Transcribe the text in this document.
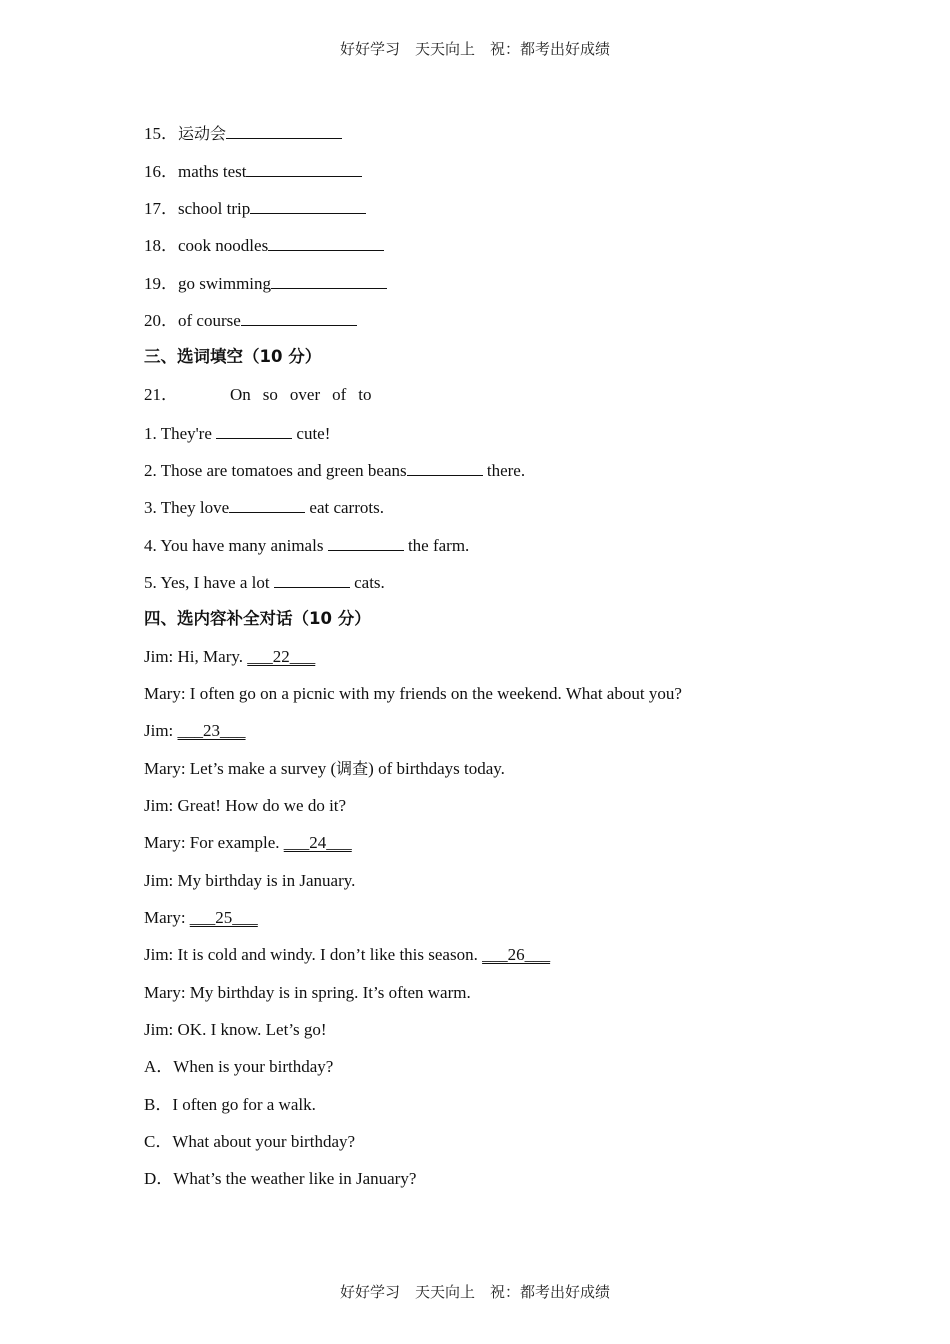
好好学习　天天向上　祝：都考出好成绩
15．运动会
16．maths test
17．school trip
18．cook noodles
19．go swimming
20．of course
三、选词填空（10 分）
21．	On so over of to
1. They're	cute!
2. Those are tomatoes and green beans	there.
3. They love	eat carrots.
4. You have many animals	the farm.
5. Yes, I have a lot	cats.
四、选内容补全对话（10 分）
Jim: Hi, Mary. ___22___
Mary: I often go on a picnic with my friends on the weekend. What about you?
Jim: ___23___
Mary: Let’s make a survey (调查) of birthdays today.
Jim: Great! How do we do it?
Mary: For example. ___24___
Jim: My birthday is in January.
Mary: ___25___
Jim: It is cold and windy. I don’t like this season. ___26___
Mary: My birthday is in spring. It’s often warm.
Jim: OK. I know. Let’s go!
A．When is your birthday?
B．I often go for a walk.
C．What about your birthday?
D．What’s the weather like in January?
好好学习　天天向上　祝：都考出好成绩
